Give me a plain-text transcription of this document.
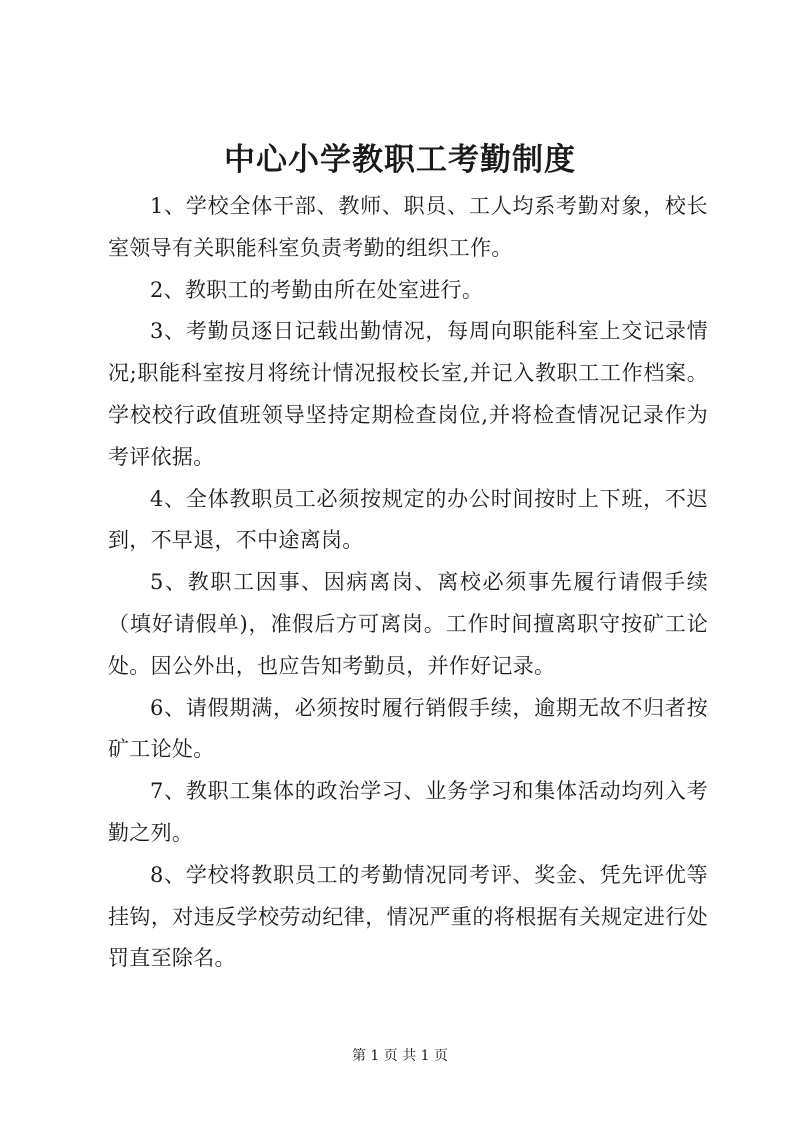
中心小学教职工考勤制度

1、学校全体干部、教师、职员、工人均系考勤对象，校长室领导有关职能科室负责考勤的组织工作。

2、教职工的考勤由所在处室进行。

3、考勤员逐日记载出勤情况，每周向职能科室上交记录情况;职能科室按月将统计情况报校长室,并记入教职工工作档案。学校校行政值班领导坚持定期检查岗位,并将检查情况记录作为考评依据。

4、全体教职员工必须按规定的办公时间按时上下班，不迟到，不早退，不中途离岗。

5、教职工因事、因病离岗、离校必须事先履行请假手续（填好请假单)，准假后方可离岗。工作时间擅离职守按矿工论处。因公外出，也应告知考勤员，并作好记录。

6、请假期满，必须按时履行销假手续，逾期无故不归者按矿工论处。

7、教职工集体的政治学习、业务学习和集体活动均列入考勤之列。

8、学校将教职员工的考勤情况同考评、奖金、凭先评优等挂钩，对违反学校劳动纪律，情况严重的将根据有关规定进行处罚直至除名。

第 1 页 共 1 页
